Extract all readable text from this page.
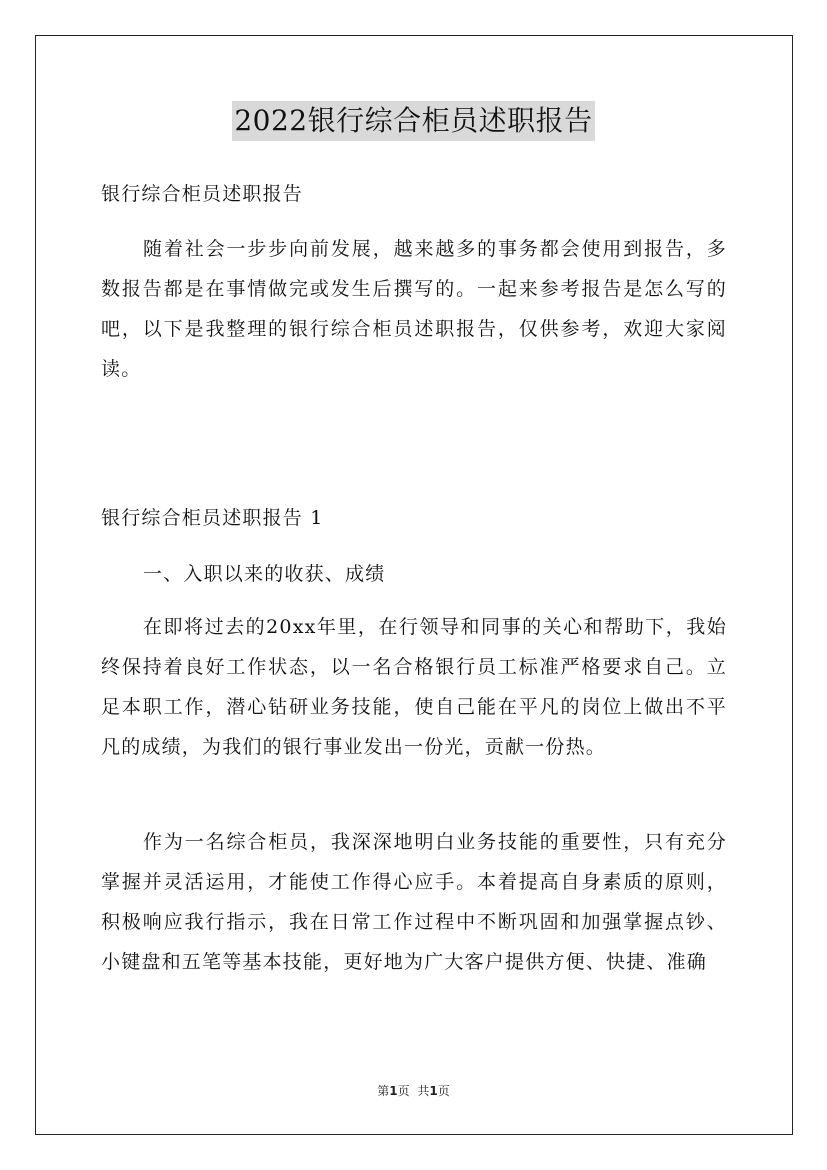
2022银行综合柜员述职报告
银行综合柜员述职报告
随着社会一步步向前发展，越来越多的事务都会使用到报告，多数报告都是在事情做完或发生后撰写的。一起来参考报告是怎么写的吧，以下是我整理的银行综合柜员述职报告，仅供参考，欢迎大家阅读。
银行综合柜员述职报告 1
一、入职以来的收获、成绩
在即将过去的20xx年里，在行领导和同事的关心和帮助下，我始终保持着良好工作状态，以一名合格银行员工标准严格要求自己。立足本职工作，潜心钻研业务技能，使自己能在平凡的岗位上做出不平凡的成绩，为我们的银行事业发出一份光，贡献一份热。
作为一名综合柜员，我深深地明白业务技能的重要性，只有充分掌握并灵活运用，才能使工作得心应手。本着提高自身素质的原则，积极响应我行指示，我在日常工作过程中不断巩固和加强掌握点钞、小键盘和五笔等基本技能，更好地为广大客户提供方便、快捷、准确
第1页 共1页
